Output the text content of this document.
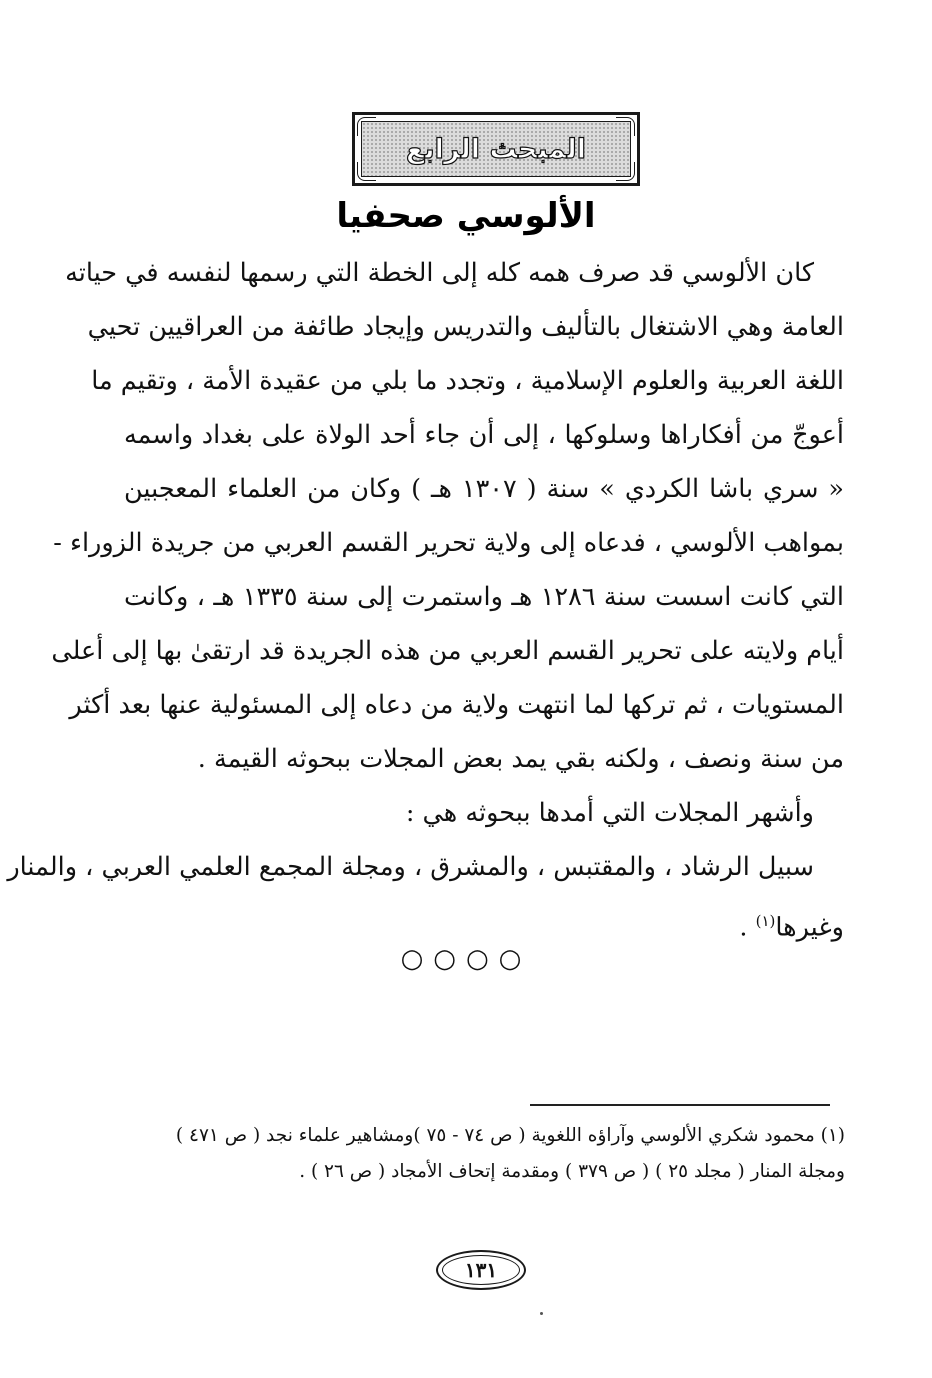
المبحث الرابع
الألوسي صحفيا
كان الألوسي قد صرف همه كله إلى الخطة التي رسمها لنفسه في حياته
العامة وهي الاشتغال بالتأليف والتدريس وإيجاد طائفة من العراقيين تحيي
اللغة العربية والعلوم الإسلامية ، وتجدد ما بلي من عقيدة الأمة ، وتقيم ما
أعوجّ من أفكاراها وسلوكها ، إلى أن جاء أحد الولاة على بغداد واسمه
« سري باشا الكردي » سنة ( ١٣٠٧ هـ ) وكان من العلماء المعجبين
بمواهب الألوسي ، فدعاه إلى ولاية تحرير القسم العربي من جريدة الزوراء -
التي كانت اسست سنة ١٢٨٦ هـ واستمرت إلى سنة ١٣٣٥ هـ ، وكانت
أيام ولايته على تحرير القسم العربي من هذه الجريدة قد ارتقىٰ بها إلى أعلى
المستويات ، ثم تركها لما انتهت ولاية من دعاه إلى المسئولية عنها بعد أكثر
من سنة ونصف ، ولكنه بقي يمد بعض المجلات ببحوثه القيمة .
وأشهر المجلات التي أمدها ببحوثه هي :
سبيل الرشاد ، والمقتبس ، والمشرق ، ومجلة المجمع العلمي العربي ، والمنار
وغيرها$^{(١)}$ .
○○○○
(١) محمود شكري الألوسي وآراؤه اللغوية ( ص ٧٤ - ٧٥ )ومشاهير علماء نجد ( ص ٤٧١ )
ومجلة المنار ( مجلد ٢٥ ) ( ص ٣٧٩ ) ومقدمة إتحاف الأمجاد ( ص ٢٦ ) .
١٣١
